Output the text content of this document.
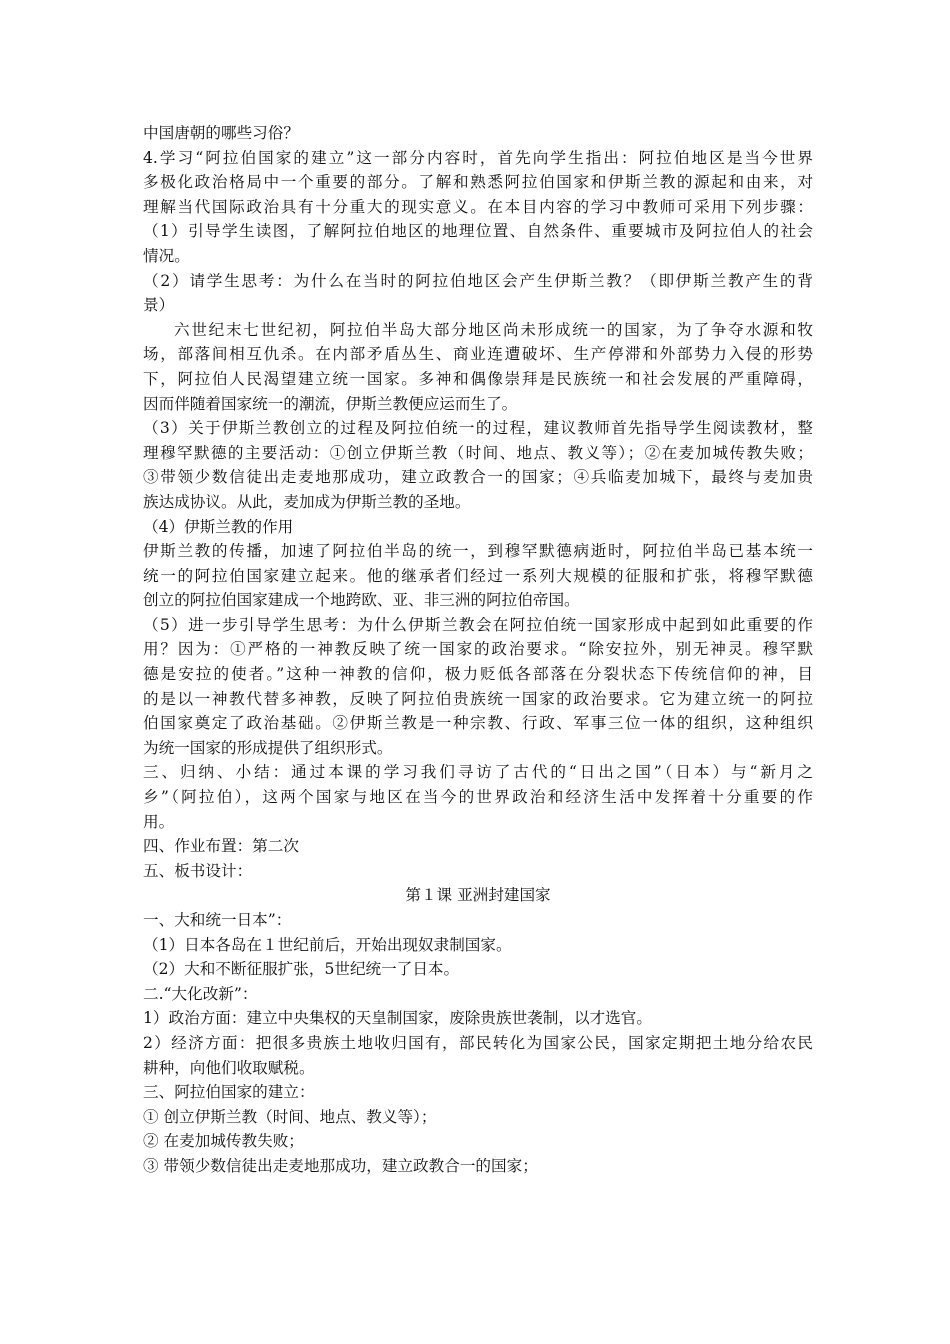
中国唐朝的哪些习俗？
4.学习“阿拉伯国家的建立”这一部分内容时，首先向学生指出：阿拉伯地区是当今世界
多极化政治格局中一个重要的部分。了解和熟悉阿拉伯国家和伊斯兰教的源起和由来，对
理解当代国际政治具有十分重大的现实意义。在本目内容的学习中教师可采用下列步骤：
（1）引导学生读图，了解阿拉伯地区的地理位置、自然条件、重要城市及阿拉伯人的社会
情况。
（2）请学生思考：为什么在当时的阿拉伯地区会产生伊斯兰教？（即伊斯兰教产生的背
景）
六世纪末七世纪初，阿拉伯半岛大部分地区尚未形成统一的国家，为了争夺水源和牧
场，部落间相互仇杀。在内部矛盾丛生、商业连遭破坏、生产停滞和外部势力入侵的形势
下，阿拉伯人民渴望建立统一国家。多神和偶像崇拜是民族统一和社会发展的严重障碍，
因而伴随着国家统一的潮流，伊斯兰教便应运而生了。
（3）关于伊斯兰教创立的过程及阿拉伯统一的过程，建议教师首先指导学生阅读教材，整
理穆罕默德的主要活动：①创立伊斯兰教（时间、地点、教义等）；②在麦加城传教失败；
③带领少数信徒出走麦地那成功，建立政教合一的国家；④兵临麦加城下，最终与麦加贵
族达成协议。从此，麦加成为伊斯兰教的圣地。
（4）伊斯兰教的作用
伊斯兰教的传播，加速了阿拉伯半岛的统一，到穆罕默德病逝时，阿拉伯半岛已基本统一
统一的阿拉伯国家建立起来。他的继承者们经过一系列大规模的征服和扩张，将穆罕默德
创立的阿拉伯国家建成一个地跨欧、亚、非三洲的阿拉伯帝国。
（5）进一步引导学生思考：为什么伊斯兰教会在阿拉伯统一国家形成中起到如此重要的作
用？因为：①严格的一神教反映了统一国家的政治要求。“除安拉外，别无神灵。穆罕默
德是安拉的使者。”这种一神教的信仰，极力贬低各部落在分裂状态下传统信仰的神，目
的是以一神教代替多神教，反映了阿拉伯贵族统一国家的政治要求。它为建立统一的阿拉
伯国家奠定了政治基础。②伊斯兰教是一种宗教、行政、军事三位一体的组织，这种组织
为统一国家的形成提供了组织形式。
三、归纳、小结：通过本课的学习我们寻访了古代的“日出之国”（日本）与“新月之
乡”（阿拉伯），这两个国家与地区在当今的世界政治和经济生活中发挥着十分重要的作
用。
四、作业布置：第二次
五、板书设计：
第１课 亚洲封建国家
一、大和统一日本”：
（1）日本各岛在１世纪前后，开始出现奴隶制国家。
（2）大和不断征服扩张，5世纪统一了日本。
二.“大化改新”：
1）政治方面：建立中央集权的天皇制国家，废除贵族世袭制，以才选官。
2）经济方面：把很多贵族土地收归国有，部民转化为国家公民，国家定期把土地分给农民
耕种，向他们收取赋税。
三、阿拉伯国家的建立：
① 创立伊斯兰教（时间、地点、教义等）；
② 在麦加城传教失败；
③ 带领少数信徒出走麦地那成功，建立政教合一的国家；
